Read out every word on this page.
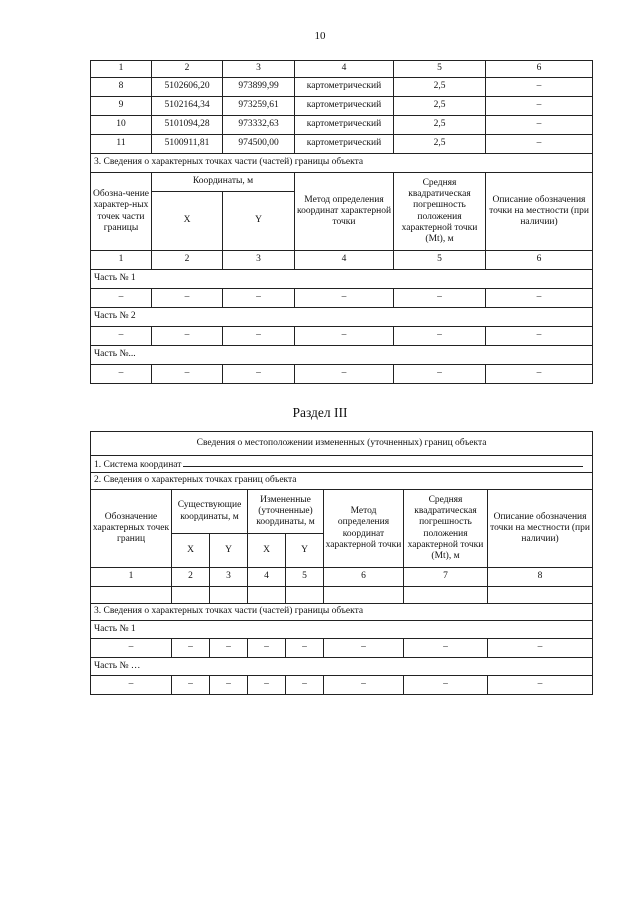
10
1	2	3	4	5	6
8	5102606,20	973899,99	картометрический	2,5	–
9	5102164,34	973259,61	картометрический	2,5	–
10	5101094,28	973332,63	картометрический	2,5	–
11	5100911,81	974500,00	картометрический	2,5	–
3. Сведения о характерных точках части (частей) границы объекта					
Обозна-чение характер-ных точек части границы	Координаты, м		Метод определения координат характерной точки	Средняя квадратическая погрешность положения характерной точки (Mt), м	Описание обозначения точки на местности (при наличии)
	X	Y			
1	2	3	4	5	6
Часть № 1					
–	–	–	–	–	–
Часть № 2					
–	–	–	–	–	–
Часть №...					
–	–	–	–	–	–
Раздел III
Сведения о местоположении измененных (уточненных) границ объекта							
1. Система координат							
2. Сведения о характерных точках границ объекта							
Обозначение характерных точек границ	Существующие координаты, м		Измененные (уточненные) координаты, м		Метод определения координат характерной точки	Средняя квадратическая погрешность положения характерной точки (Mt), м	Описание обозначения точки на местности (при наличии)
	X	Y	X	Y			
1	2	3	4	5	6	7	8

3. Сведения о характерных точках части (частей) границы объекта							
Часть № 1							
–	–	–	–	–	–	–	–
Часть № …							
–	–	–	–	–	–	–	–
